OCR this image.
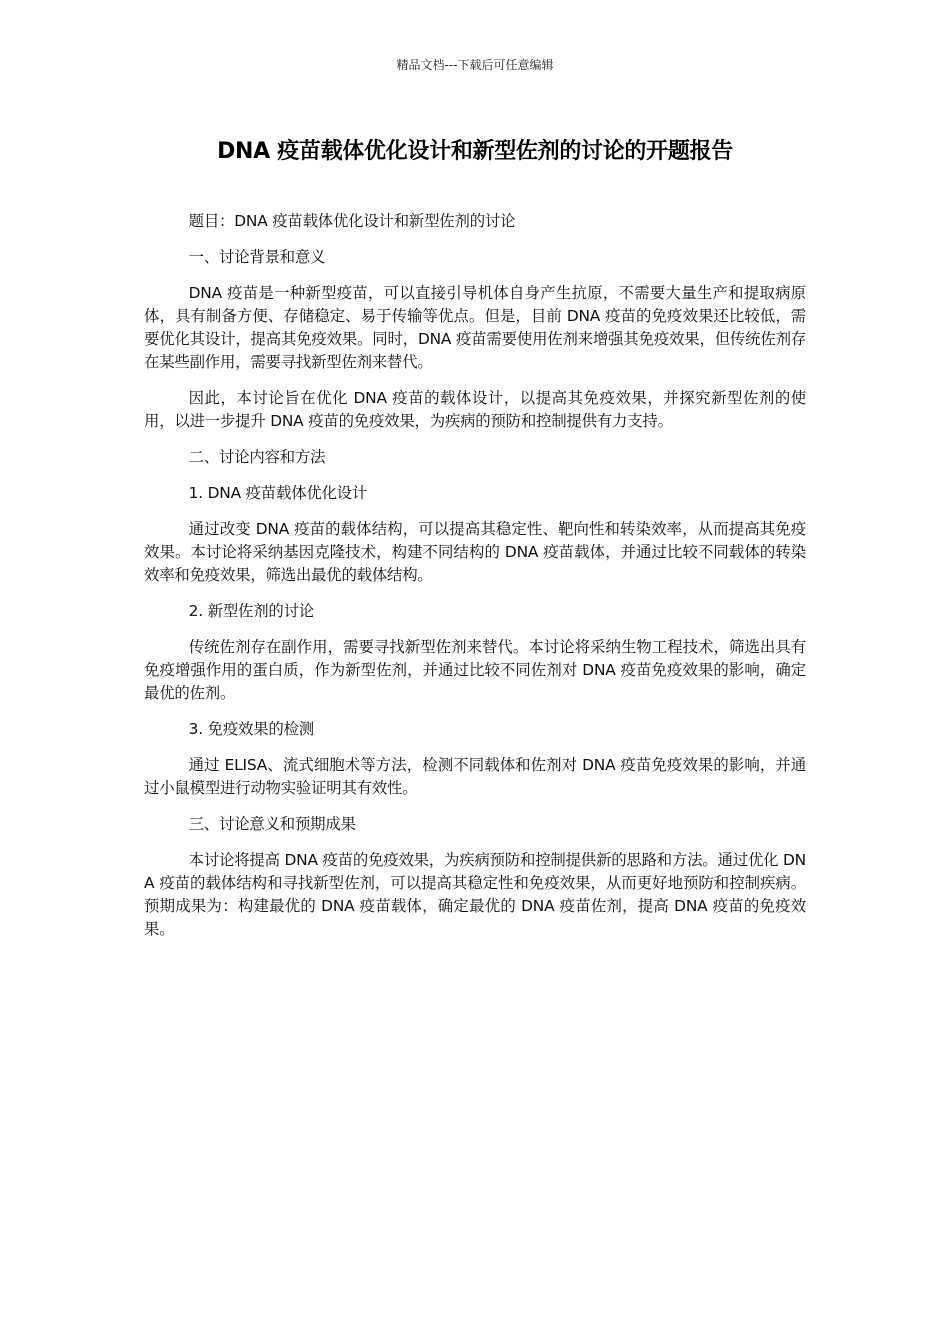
精品文档---下载后可任意编辑
DNA 疫苗载体优化设计和新型佐剂的讨论的开题报告

题目：DNA 疫苗载体优化设计和新型佐剂的讨论

一、讨论背景和意义

DNA 疫苗是一种新型疫苗，可以直接引导机体自身产生抗原，不需要大量生产和提取病原体，具有制备方便、存储稳定、易于传输等优点。但是，目前 DNA 疫苗的免疫效果还比较低，需要优化其设计，提高其免疫效果。同时，DNA 疫苗需要使用佐剂来增强其免疫效果，但传统佐剂存在某些副作用，需要寻找新型佐剂来替代。

因此，本讨论旨在优化 DNA 疫苗的载体设计，以提高其免疫效果，并探究新型佐剂的使用，以进一步提升 DNA 疫苗的免疫效果，为疾病的预防和控制提供有力支持。

二、讨论内容和方法

1. DNA 疫苗载体优化设计

通过改变 DNA 疫苗的载体结构，可以提高其稳定性、靶向性和转染效率，从而提高其免疫效果。本讨论将采纳基因克隆技术，构建不同结构的 DNA 疫苗载体，并通过比较不同载体的转染效率和免疫效果，筛选出最优的载体结构。

2. 新型佐剂的讨论

传统佐剂存在副作用，需要寻找新型佐剂来替代。本讨论将采纳生物工程技术，筛选出具有免疫增强作用的蛋白质，作为新型佐剂，并通过比较不同佐剂对 DNA 疫苗免疫效果的影响，确定最优的佐剂。

3. 免疫效果的检测

通过 ELISA、流式细胞术等方法，检测不同载体和佐剂对 DNA 疫苗免疫效果的影响，并通过小鼠模型进行动物实验证明其有效性。

三、讨论意义和预期成果

本讨论将提高 DNA 疫苗的免疫效果，为疾病预防和控制提供新的思路和方法。通过优化 DNA 疫苗的载体结构和寻找新型佐剂，可以提高其稳定性和免疫效果，从而更好地预防和控制疾病。预期成果为：构建最优的 DNA 疫苗载体，确定最优的 DNA 疫苗佐剂，提高 DNA 疫苗的免疫效果。
